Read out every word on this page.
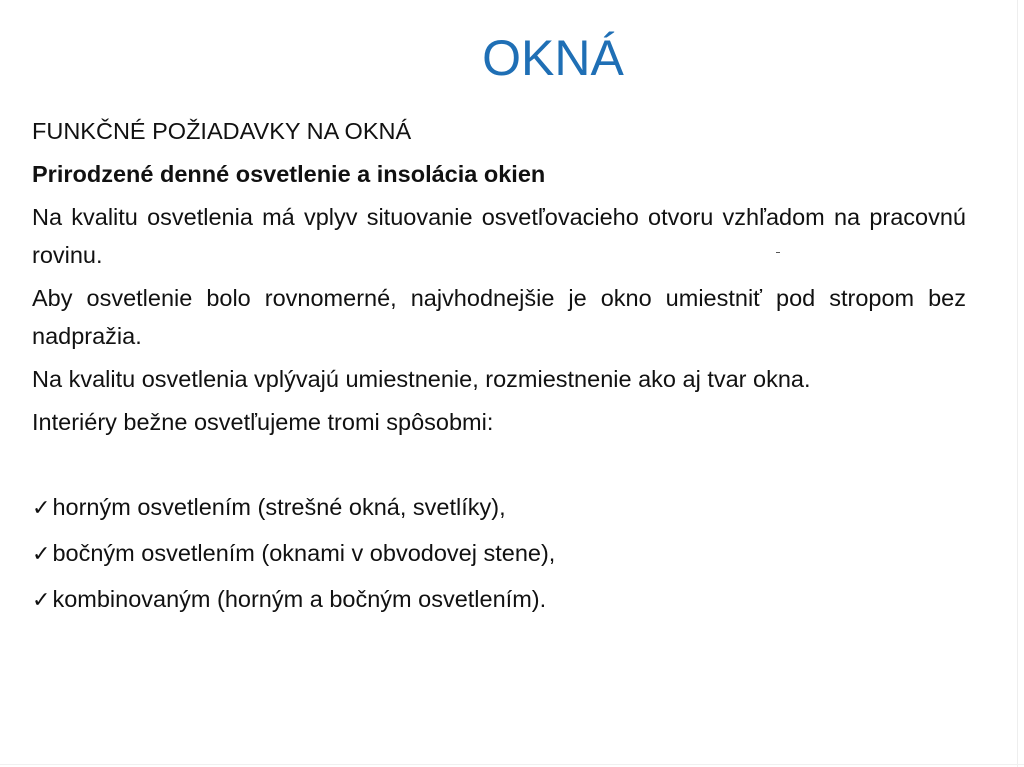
OKNÁ

FUNKČNÉ POŽIADAVKY NA OKNÁ

Prirodzené denné osvetlenie a insolácia okien

Na kvalitu osvetlenia má vplyv situovanie osvetľovacieho otvoru vzhľadom na pracovnú rovinu.

Aby osvetlenie bolo rovnomerné, najvhodnejšie je okno umiestniť pod stropom bez nadpražia.

Na kvalitu osvetlenia vplývajú umiestnenie, rozmiestnenie ako aj tvar okna.

Interiéry bežne osvetľujeme tromi spôsobmi:

✓ horným osvetlením (strešné okná, svetlíky),
✓ bočným osvetlením (oknami v obvodovej stene),
✓ kombinovaným (horným a bočným osvetlením).
